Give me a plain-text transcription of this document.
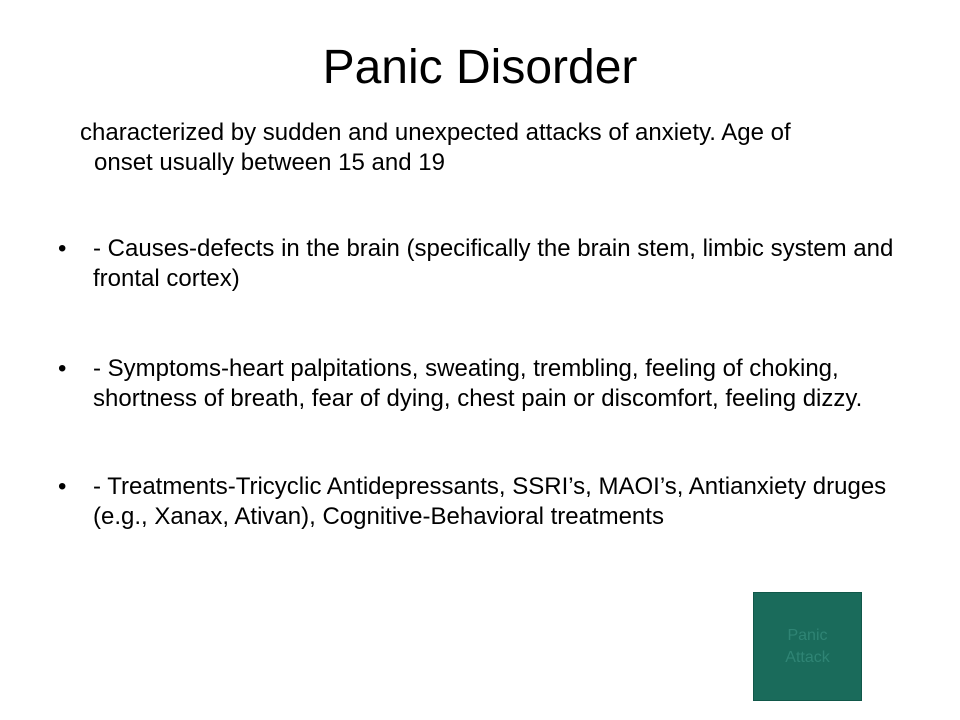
Panic Disorder

characterized by sudden and unexpected attacks of anxiety. Age of onset usually between 15 and 19

•	- Causes-defects in the brain (specifically the brain stem, limbic system and frontal cortex)
•	- Symptoms-heart palpitations, sweating, trembling, feeling of choking, shortness of breath, fear of dying, chest pain or discomfort, feeling dizzy.
•	- Treatments-Tricyclic Antidepressants, SSRI’s, MAOI’s, Antianxiety druges (e.g., Xanax, Ativan), Cognitive-Behavioral treatments
Panic Attack
